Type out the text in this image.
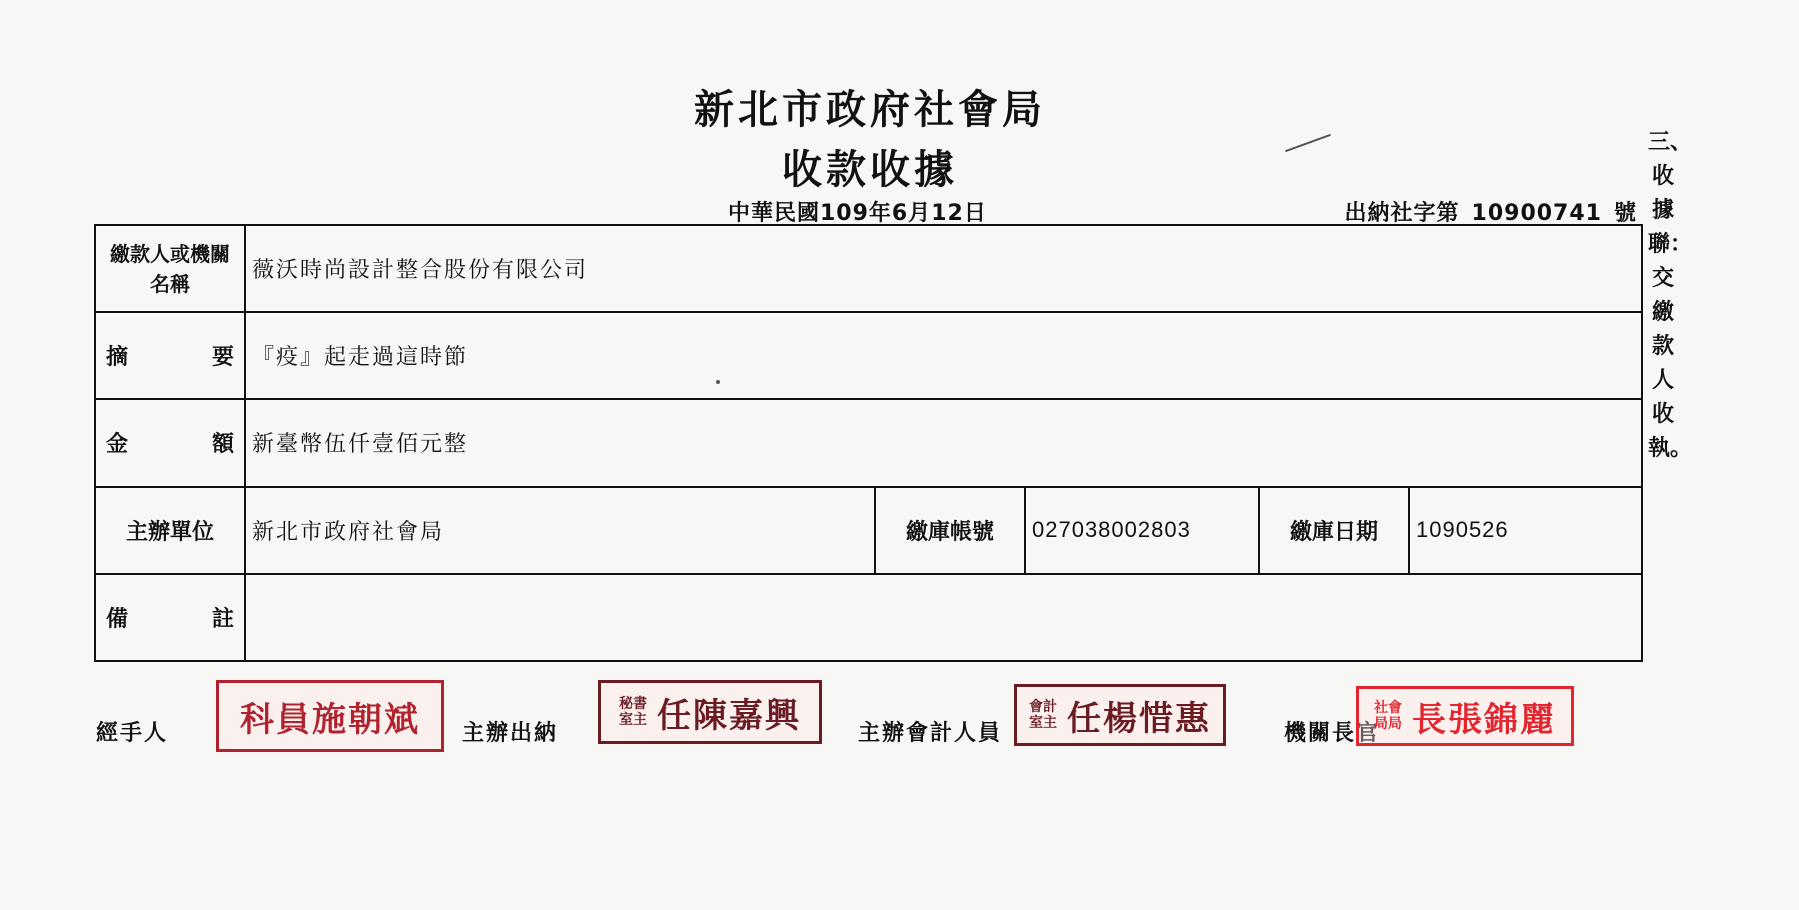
新北市政府社會局
收款收據
中華民國109年6月12日	出納社字第 10900741 號
三、收據聯：交繳款人收執。
繳款人或機關名稱	薇沃時尚設計整合股份有限公司				

摘 要	『疫』起走過這時節				

金 額	新臺幣伍仟壹佰元整				
主辦單位	新北市政府社會局	繳庫帳號	027038002803	繳庫日期	1090526

備 註					

經手人 科員施朝斌 主辦出納
秘書室主 任陳嘉興	主辦會計人員
會計室主 任楊惜惠	機關長官
社會局局 長張錦麗
